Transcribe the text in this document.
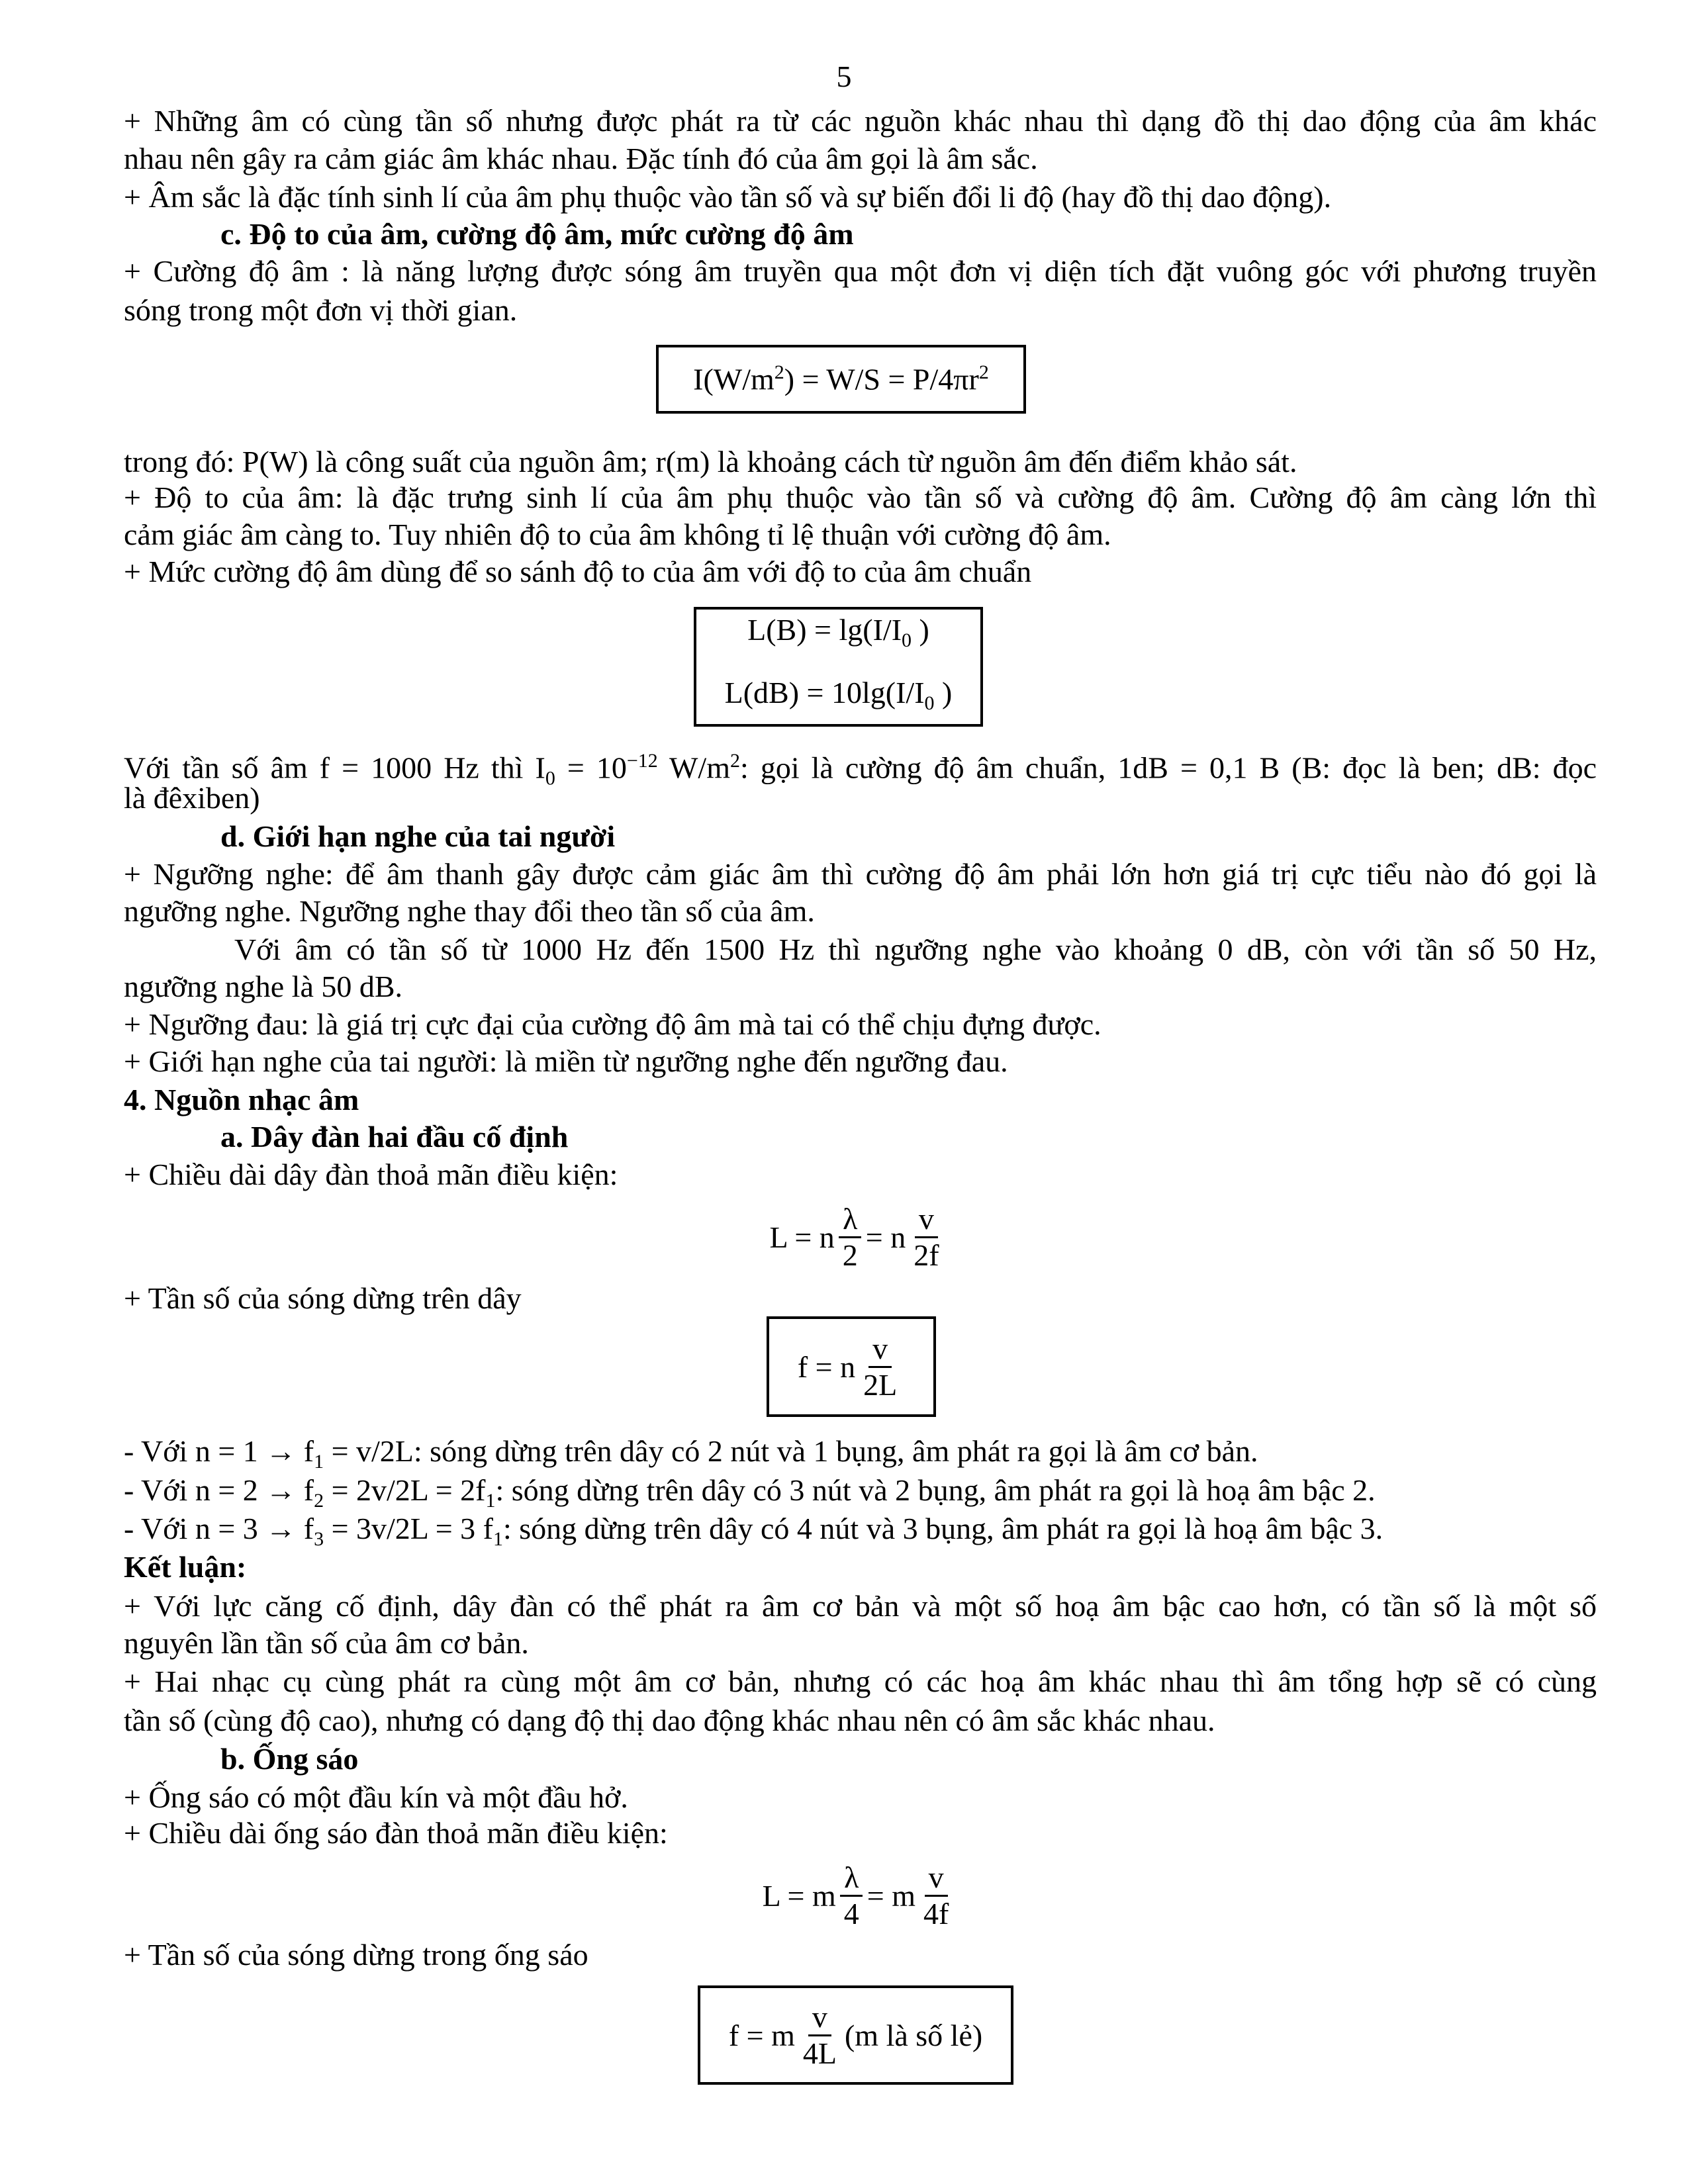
5
+ Những âm có cùng tần số nhưng được phát ra từ các nguồn khác nhau thì dạng đồ thị dao động của âm khác
nhau nên gây ra cảm giác âm khác nhau. Đặc tính đó của âm gọi là âm sắc.
+ Âm sắc là đặc tính sinh lí của âm phụ thuộc vào tần số và sự biến đổi li độ (hay đồ thị dao động).
c. Độ to của âm, cường độ âm, mức cường độ âm
+ Cường độ âm : là năng lượng được sóng âm truyền qua một đơn vị diện tích đặt vuông góc với phương truyền
sóng trong một đơn vị thời gian.
$I(W/m^2) = W/S = P/4\pi r^2$
trong đó: P(W) là công suất của nguồn âm; r(m) là khoảng cách từ nguồn âm đến điểm khảo sát.
+ Độ to của âm: là đặc trưng sinh lí của âm phụ thuộc vào tần số và cường độ âm. Cường độ âm càng lớn thì
cảm giác âm càng to. Tuy nhiên độ to của âm không tỉ lệ thuận với cường độ âm.
+ Mức cường độ âm dùng để so sánh độ to của âm với độ to của âm chuẩn
$L(B) = \lg(I/I_0$ )
$L(dB) = 10\lg(I/I_0$ )
Với tần số âm f = 1000 Hz thì $I_0 = 10^{-12}$ $W/m^2$: gọi là cường độ âm chuẩn, 1dB = 0,1 B (B: đọc là ben; dB: đọc
là đêxiben)
d. Giới hạn nghe của tai người
+ Ngưỡng nghe: để âm thanh gây được cảm giác âm thì cường độ âm phải lớn hơn giá trị cực tiểu nào đó gọi là
ngưỡng nghe. Ngưỡng nghe thay đổi theo tần số của âm.
Với âm có tần số từ 1000 Hz đến 1500 Hz thì ngưỡng nghe vào khoảng 0 dB, còn với tần số 50 Hz,
ngưỡng nghe là 50 dB.
+ Ngưỡng đau: là giá trị cực đại của cường độ âm mà tai có thể chịu đựng được.
+ Giới hạn nghe của tai người: là miền từ ngưỡng nghe đến ngưỡng đau.
4. Nguồn nhạc âm
a. Dây đàn hai đầu cố định
+ Chiều dài dây đàn thoả mãn điều kiện:
L = n $\frac{\lambda}{2} = n \frac{v}{2f}$
+ Tần số của sóng dừng trên dây
f = n $\frac{v}{2L}$
- Với $n = 1 \to f_1 = v/2L$: sóng dừng trên dây có 2 nút và 1 bụng, âm phát ra gọi là âm cơ bản.
- Với $n = 2 \to f_2 = 2v/2L = 2f_1$: sóng dừng trên dây có 3 nút và 2 bụng, âm phát ra gọi là hoạ âm bậc 2.
- Với $n = 3 \to f_3 = 3v/2L = 3$ $f_1$: sóng dừng trên dây có 4 nút và 3 bụng, âm phát ra gọi là hoạ âm bậc 3.
Kết luận:
+ Với lực căng cố định, dây đàn có thể phát ra âm cơ bản và một số hoạ âm bậc cao hơn, có tần số là một số
nguyên lần tần số của âm cơ bản.
+ Hai nhạc cụ cùng phát ra cùng một âm cơ bản, nhưng có các hoạ âm khác nhau thì âm tổng hợp sẽ có cùng
tần số (cùng độ cao), nhưng có dạng độ thị dao động khác nhau nên có âm sắc khác nhau.
b. Ống sáo
+ Ống sáo có một đầu kín và một đầu hở.
+ Chiều dài ống sáo đàn thoả mãn điều kiện:
L = m $\frac{\lambda}{4} = m \frac{v}{4f}$
+ Tần số của sóng dừng trong ống sáo
f = m $\frac{v}{4L} (m$ là số lẻ)
